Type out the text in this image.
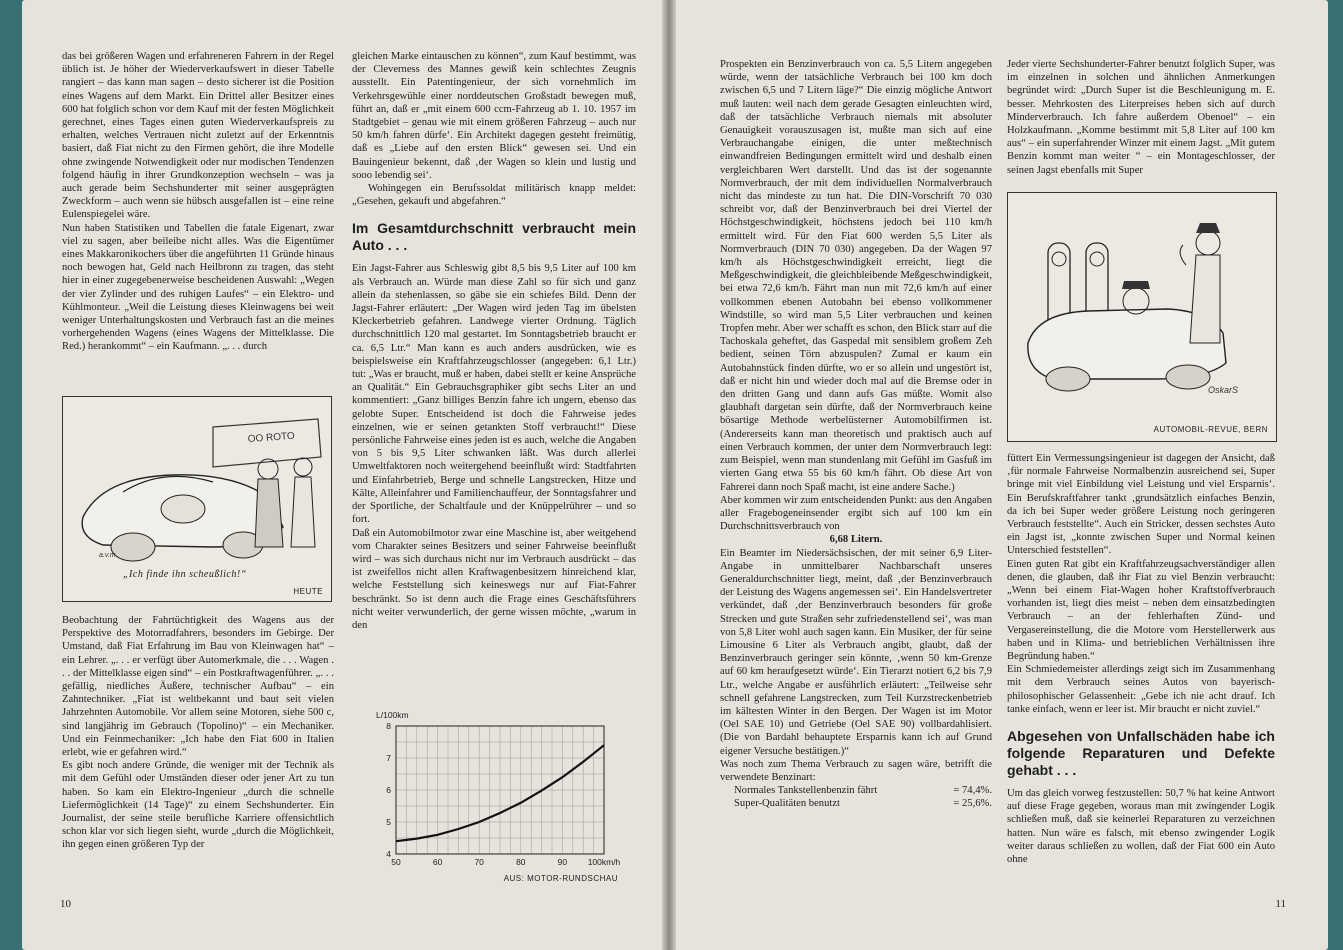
das bei größeren Wagen und erfahreneren Fahrern in der Regel üblich ist. Je höher der Wiederverkaufswert in dieser Tabelle rangiert – das kann man sagen – desto sicherer ist die Position eines Wagens auf dem Markt. Ein Drittel aller Besitzer eines 600 hat folglich schon vor dem Kauf mit der festen Möglichkeit gerechnet, eines Tages einen guten Wiederverkaufspreis zu erhalten, welches Vertrauen nicht zuletzt auf der Erkenntnis basiert, daß Fiat nicht zu den Firmen gehört, die ihre Modelle ohne zwingende Notwendigkeit oder nur modischen Tendenzen folgend häufig in ihrer Grundkonzeption wechseln – was ja auch gerade beim Sechshunderter mit seiner ausgeprägten Zweckform – auch wenn sie hübsch ausgefallen ist – eine reine Eulenspiegelei wäre.

Nun haben Statistiken und Tabellen die fatale Eigenart, zwar viel zu sagen, aber beileibe nicht alles. Was die Eigentümer eines Makkaronikochers über die angeführten 11 Gründe hinaus noch bewogen hat, Geld nach Heilbronn zu tragen, das steht hier in einer zugegebenerweise bescheidenen Auswahl: „Wegen der vier Zylinder und des ruhigen Laufes“ – ein Elektro- und Kühlmonteur. „Weil die Leistung dieses Kleinwagens bei weit weniger Unterhaltungskosten und Verbrauch fast an die meines vorhergehenden Wagens (eines Wagens der Mittelklasse. Die Red.) herankommt“ – ein Kaufmann. „. . . durch

OO ROTO
a.v.m.
„Ich finde ihn scheußlich!“
HEUTE

Beobachtung der Fahrtüchtigkeit des Wagens aus der Perspektive des Motorradfahrers, besonders im Gebirge. Der Umstand, daß Fiat Erfahrung im Bau von Kleinwagen hat“ – ein Lehrer. „. . . er verfügt über Automerkmale, die . . . Wagen . . . der Mittelklasse eigen sind“ – ein Postkraftwagenführer. „. . . gefällig, niedliches Äußere, technischer Aufbau“ – ein Zahntechniker. „Fiat ist weltbekannt und baut seit vielen Jahrzehnten Automobile. Vor allem seine Motoren, siehe 500 c, sind langjährig im Gebrauch (Topolino)“ – ein Mechaniker. Und ein Feinmechaniker: „Ich habe den Fiat 600 in Italien erlebt, wie er gefahren wird.“

Es gibt noch andere Gründe, die weniger mit der Technik als mit dem Gefühl oder Umständen dieser oder jener Art zu tun haben. So kam ein Elektro-Ingenieur „durch die schnelle Liefermöglichkeit (14 Tage)“ zu einem Sechshunderter. Ein Journalist, der seine steile berufliche Karriere offensichtlich schon klar vor sich liegen sieht, wurde „durch die Möglichkeit, ihn gegen einen größeren Typ der

gleichen Marke eintauschen zu können“, zum Kauf bestimmt, was der Cleverness des Mannes gewiß kein schlechtes Zeugnis ausstellt. Ein Patentingenieur, der sich vornehmlich im Verkehrsgewühle einer norddeutschen Großstadt bewegen muß, führt an, daß er „mit einem 600 ccm-Fahrzeug ab 1. 10. 1957 im Stadtgebiet – genau wie mit einem größeren Fahrzeug – auch nur 50 km/h fahren dürfe‘. Ein Architekt dagegen gesteht freimütig, daß es „Liebe auf den ersten Blick“ gewesen sei. Und ein Bauingenieur bekennt, daß ‚der Wagen so klein und lustig und sooo lebendig sei‘.

Wohingegen ein Berufssoldat militärisch knapp meldet: „Gesehen, gekauft und abgefahren.“

Im Gesamtdurchschnitt verbraucht mein Auto . . .

Ein Jagst-Fahrer aus Schleswig gibt 8,5 bis 9,5 Liter auf 100 km als Verbrauch an. Würde man diese Zahl so für sich und ganz allein da stehenlassen, so gäbe sie ein schiefes Bild. Denn der Jagst-Fahrer erläutert: „Der Wagen wird jeden Tag im übelsten Kleckerbetrieb gefahren. Landwege vierter Ordnung. Täglich durchschnittlich 120 mal gestartet. Im Sonntagsbetrieb braucht er ca. 6,5 Ltr.“ Man kann es auch anders ausdrücken, wie es beispielsweise ein Kraftfahrzeugschlosser (angegeben: 6,1 Ltr.) tut: „Was er braucht, muß er haben, dabei stellt er keine Ansprüche an Qualität.“ Ein Gebrauchsgraphiker gibt sechs Liter an und kommentiert: „Ganz billiges Benzin fahre ich ungern, ebenso das gelobte Super. Entscheidend ist doch die Fahrweise jedes einzelnen, wie er seinen getankten Stoff verbraucht!“ Diese persönliche Fahrweise eines jeden ist es auch, welche die Angaben von 5 bis 9,5 Liter schwanken läßt. Was durch allerlei Umweltfaktoren noch weitergehend beeinflußt wird: Stadtfahrten und Einfahrbetrieb, Berge und schnelle Langstrecken, Hitze und Kälte, Alleinfahrer und Familienchauffeur, der Sonntagsfahrer und der Sportliche, der Schaltfaule und der Knüppelrührer – und so fort.

Daß ein Automobilmotor zwar eine Maschine ist, aber weitgehend vom Charakter seines Besitzers und seiner Fahrweise beeinflußt wird – was sich durchaus nicht nur im Verbrauch ausdrückt – das ist zweifellos nicht allen Kraftwagenbesitzern hinreichend klar, welche Feststellung sich keineswegs nur auf Fiat-Fahrer beschränkt. So ist denn auch die Frage eines Geschäftsführers nicht weiter verwunderlich, der gerne wissen möchte, „warum in den

50	60	70	80	90 100km/h
4
5
6
7
8
L/100km
AUS: MOTOR-RUNDSCHAU
10

Prospekten ein Benzinverbrauch von ca. 5,5 Litern angegeben würde, wenn der tatsächliche Verbrauch bei 100 km doch zwischen 6,5 und 7 Litern läge?“ Die einzig mögliche Antwort muß lauten: weil nach dem gerade Gesagten einleuchten wird, daß der tatsächliche Verbrauch niemals mit absoluter Genauigkeit vorauszusagen ist, mußte man sich auf eine Verbrauchangabe einigen, die unter meßtechnisch einwandfreien Bedingungen ermittelt wird und deshalb einen vergleichbaren Wert darstellt. Und das ist der sogenannte Normverbrauch, der mit dem individuellen Normalverbrauch nicht das mindeste zu tun hat. Die DIN-Vorschrift 70 030 schreibt vor, daß der Benzinverbrauch bei drei Viertel der Höchstgeschwindigkeit, höchstens jedoch bei 110 km/h ermittelt wird. Für den Fiat 600 werden 5,5 Liter als Normverbrauch (DIN 70 030) angegeben. Da der Wagen 97 km/h als Höchstgeschwindigkeit erreicht, liegt die Meßgeschwindigkeit, die gleichbleibende Meßgeschwindigkeit, bei etwa 72,6 km/h. Fährt man nun mit 72,6 km/h auf einer vollkommen ebenen Autobahn bei ebenso vollkommener Windstille, so wird man 5,5 Liter verbrauchen und keinen Tropfen mehr. Aber wer schafft es schon, den Blick starr auf die Tachoskala geheftet, das Gaspedal mit sensiblem großem Zeh bedient, seinen Törn abzuspulen? Zumal er kaum ein Autobahnstück finden dürfte, wo er so allein und ungestört ist, daß er nicht hin und wieder doch mal auf die Bremse oder in den dritten Gang und dann aufs Gas müßte. Womit also glaubhaft dargetan sein dürfte, daß der Normverbrauch keine bösartige Methode werbelüsterner Automobilfirmen ist. (Andererseits kann man theoretisch und praktisch auch auf einen Verbrauch kommen, der unter dem Normverbrauch legt: zum Beispiel, wenn man stundenlang mit Gefühl im Gasfuß im vierten Gang etwa 55 bis 60 km/h fährt. Ob diese Art von Fahrerei dann noch Spaß macht, ist eine andere Sache.)

Aber kommen wir zum entscheidenden Punkt: aus den Angaben aller Fragebogeneinsender ergibt sich auf 100 km ein Durchschnittsverbrauch von

6,68 Litern.

Ein Beamter im Niedersächsischen, der mit seiner 6,9 Liter-Angabe in unmittelbarer Nachbarschaft unseres Generaldurchschnitter liegt, meint, daß ‚der Benzinverbrauch der Leistung des Wagens angemessen sei‘. Ein Handelsvertreter verkündet, daß ‚der Benzinverbrauch besonders für große Strecken und gute Straßen sehr zufriedenstellend sei‘, was man von 5,8 Liter wohl auch sagen kann. Ein Musiker, der für seine Limousine 6 Liter als Verbrauch angibt, glaubt, daß der Benzinverbrauch geringer sein könnte, ‚wenn 50 km-Grenze auf 60 km heraufgesetzt würde‘. Ein Tierarzt notiert 6,2 bis 7,9 Ltr., welche Angabe er ausführlich erläutert: „Teilweise sehr schnell gefahrene Langstrecken, zum Teil Kurzstreckenbetrieb im kältesten Winter in den Bergen. Der Wagen ist im Motor (Oel SAE 10) und Getriebe (Oel SAE 90) vollbardahlisiert. (Die von Bardahl behauptete Ersparnis kann ich auf Grund eigener Versuche bestätigen.)“

Was noch zum Thema Verbrauch zu sagen wäre, betrifft die verwendete Benzinart:

Normales Tankstellenbenzin fährt	= 74,4%.
Super-Qualitäten benutzt	= 25,6%.

Jeder vierte Sechshunderter-Fahrer benutzt folglich Super, was im einzelnen in solchen und ähnlichen Anmerkungen begründet wird: „Durch Super ist die Beschleunigung m. E. besser. Mehrkosten des Literpreises heben sich auf durch Minderverbrauch. Ich fahre außerdem Obenoel“ – ein Holzkaufmann. „Komme bestimmt mit 5,8 Liter auf 100 km aus“ – ein superfahrender Winzer mit einem Jagst. „Mit gutem Benzin kommt man weiter “ – ein Montageschlosser, der seinen Jagst ebenfalls mit Super

OskarS
AUTOMOBIL-REVUE, BERN

füttert Ein Vermessungsingenieur ist dagegen der Ansicht, daß ‚für normale Fahrweise Normalbenzin ausreichend sei, Super bringe mit viel Einbildung viel Leistung und viel Ersparnis‘. Ein Berufskraftfahrer tankt ‚grundsätzlich einfaches Benzin, da ich bei Super weder größere Leistung noch geringeren Verbrauch feststellte“. Auch ein Stricker, dessen sechstes Auto ein Jagst ist, „konnte zwischen Super und Normal keinen Unterschied feststellen“.

Einen guten Rat gibt ein Kraftfahrzeugsachverständiger allen denen, die glauben, daß ihr Fiat zu viel Benzin verbraucht: „Wenn bei einem Fiat-Wagen hoher Kraftstoffverbrauch vorhanden ist, liegt dies meist – neben dem einsatzbedingten Verbrauch – an der fehlerhaften Zünd- und Vergasereinstellung, die die Motore vom Herstellerwerk aus haben und in Klima- und betrieblichen Verhältnissen ihre Begründung haben.“

Ein Schmiedemeister allerdings zeigt sich im Zusammenhang mit dem Verbrauch seines Autos von bayerisch-philosophischer Gelassenheit: „Gebe ich nie acht drauf. Ich tanke einfach, wenn er leer ist. Mir braucht er nicht zuviel.“

Abgesehen von Unfallschäden habe ich folgende Reparaturen und Defekte gehabt . . .

Um das gleich vorweg festzustellen: 50,7 % hat keine Antwort auf diese Frage gegeben, woraus man mit zwingender Logik schließen muß, daß sie keinerlei Reparaturen zu verzeichnen hatten. Nun wäre es falsch, mit ebenso zwingender Logik weiter daraus schließen zu wollen, daß der Fiat 600 ein Auto ohne

11
